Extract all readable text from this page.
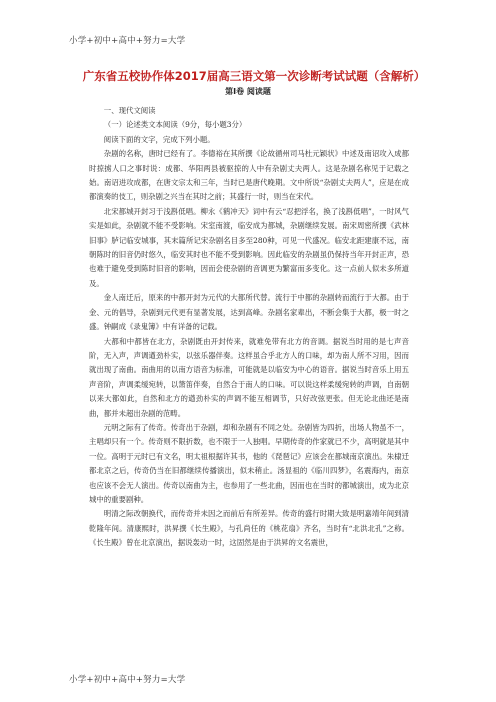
小学+初中+高中+努力=大学
广东省五校协作体2017届高三语文第一次诊断考试试题（含解析）
第Ⅰ卷 阅读题

一、现代文阅读

（一）论述类文本阅读（9分，每小题3分）

阅读下面的文字，完成下列小题。

杂剧的名称，唐时已经有了。李德裕在其所撰《论故循州司马杜元颖状》中述及南诏攻入成都时掠掳人口之事时说：成都、华阳两县被驱掠的人中有杂剧丈夫两人。这是杂剧名称见于记载之始。南诏进攻成都，在唐文宗太和三年，当时已是唐代晚期。文中所说“杂剧丈夫两人”，应是在成都演奏的伎工，则杂剧之兴当在其时之前；其盛行一时，则当在宋代。

北宋都城开封习于浅斟低唱。柳永《鹤冲天》词中有云“忍把浮名，换了浅斟低唱”，一时风气实是如此，杂剧就不能不受影响。宋室南渡，临安成为都城，杂剧继续发展。南宋周密所撰《武林旧事》胪记临安城事，其末篇所记宋杂剧名目多至280种，可见一代盛况。临安北距建康不远，南朝陈时的旧音仍时悠久，临安其时也不能不受到影响。因此临安的杂剧虽仍保持当年开封正声，恐也难于避免受到陈时旧音的影响，因而会使杂剧的音调更为繁富而多变化。这一点前人似未多所道及。

金人南迁后，原来的中都开封为元代的大都所代替。流行于中都的杂剧转而流行于大都。由于金、元的倡导，杂剧到元代更有显著发展，达到高峰。杂剧名家辈出，不断会集于大都，极一时之盛。钟嗣成《录鬼簿》中有详备的记载。

大都和中都皆在北方，杂剧既由开封传来，就难免带有北方的音调。据说当时用的是七声音阶，无入声，声调遒劲朴实，以弦乐器伴奏。这样虽合乎北方人的口味，却为南人所不习用，因而就出现了南曲。南曲用的以南方语音为标准，可能就是以临安为中心的语音。据说当时音乐上用五声音阶，声调柔缓宛转，以箫笛伴奏，自然合于南人的口味。可以说这样柔缓宛转的声调，自南朝以来大都如此，自然和北方的遒劲朴实的声调不能互相调节，只好改弦更张。但无论北曲还是南曲，都并未超出杂剧的范畴。

元明之际有了传奇。传奇出于杂剧，却和杂剧有不同之处。杂剧皆为四折，出场人物虽不一，主唱却只有一个。传奇则不限折数，也不限于一人独唱。早期传奇的作家就已不少，高明就是其中一位。高明于元时已有文名，明太祖根据许其书，他的《琵琶记》应该会在都城南京演出。朱棣迁都北京之后，传奇仍当在旧都继续传播演出，似未稍止。汤显祖的《临川四梦》，名震海内，南京也应该不会无人演出。传奇以南曲为主，也参用了一些北曲，因而也在当时的都城演出，成为北京城中的重要剧种。

明清之际改朝换代，而传奇并未因之而前后有所差异。传奇的盛行时期大致是明嘉靖年间到清乾隆年间。清康熙时，洪昇撰《长生殿》，与孔尚任的《桃花扇》齐名，当时有“北洪北孔”之称。《长生殿》曾在北京演出，据说轰动一时，这固然是由于洪昇的文名震世，

小学+初中+高中+努力=大学
